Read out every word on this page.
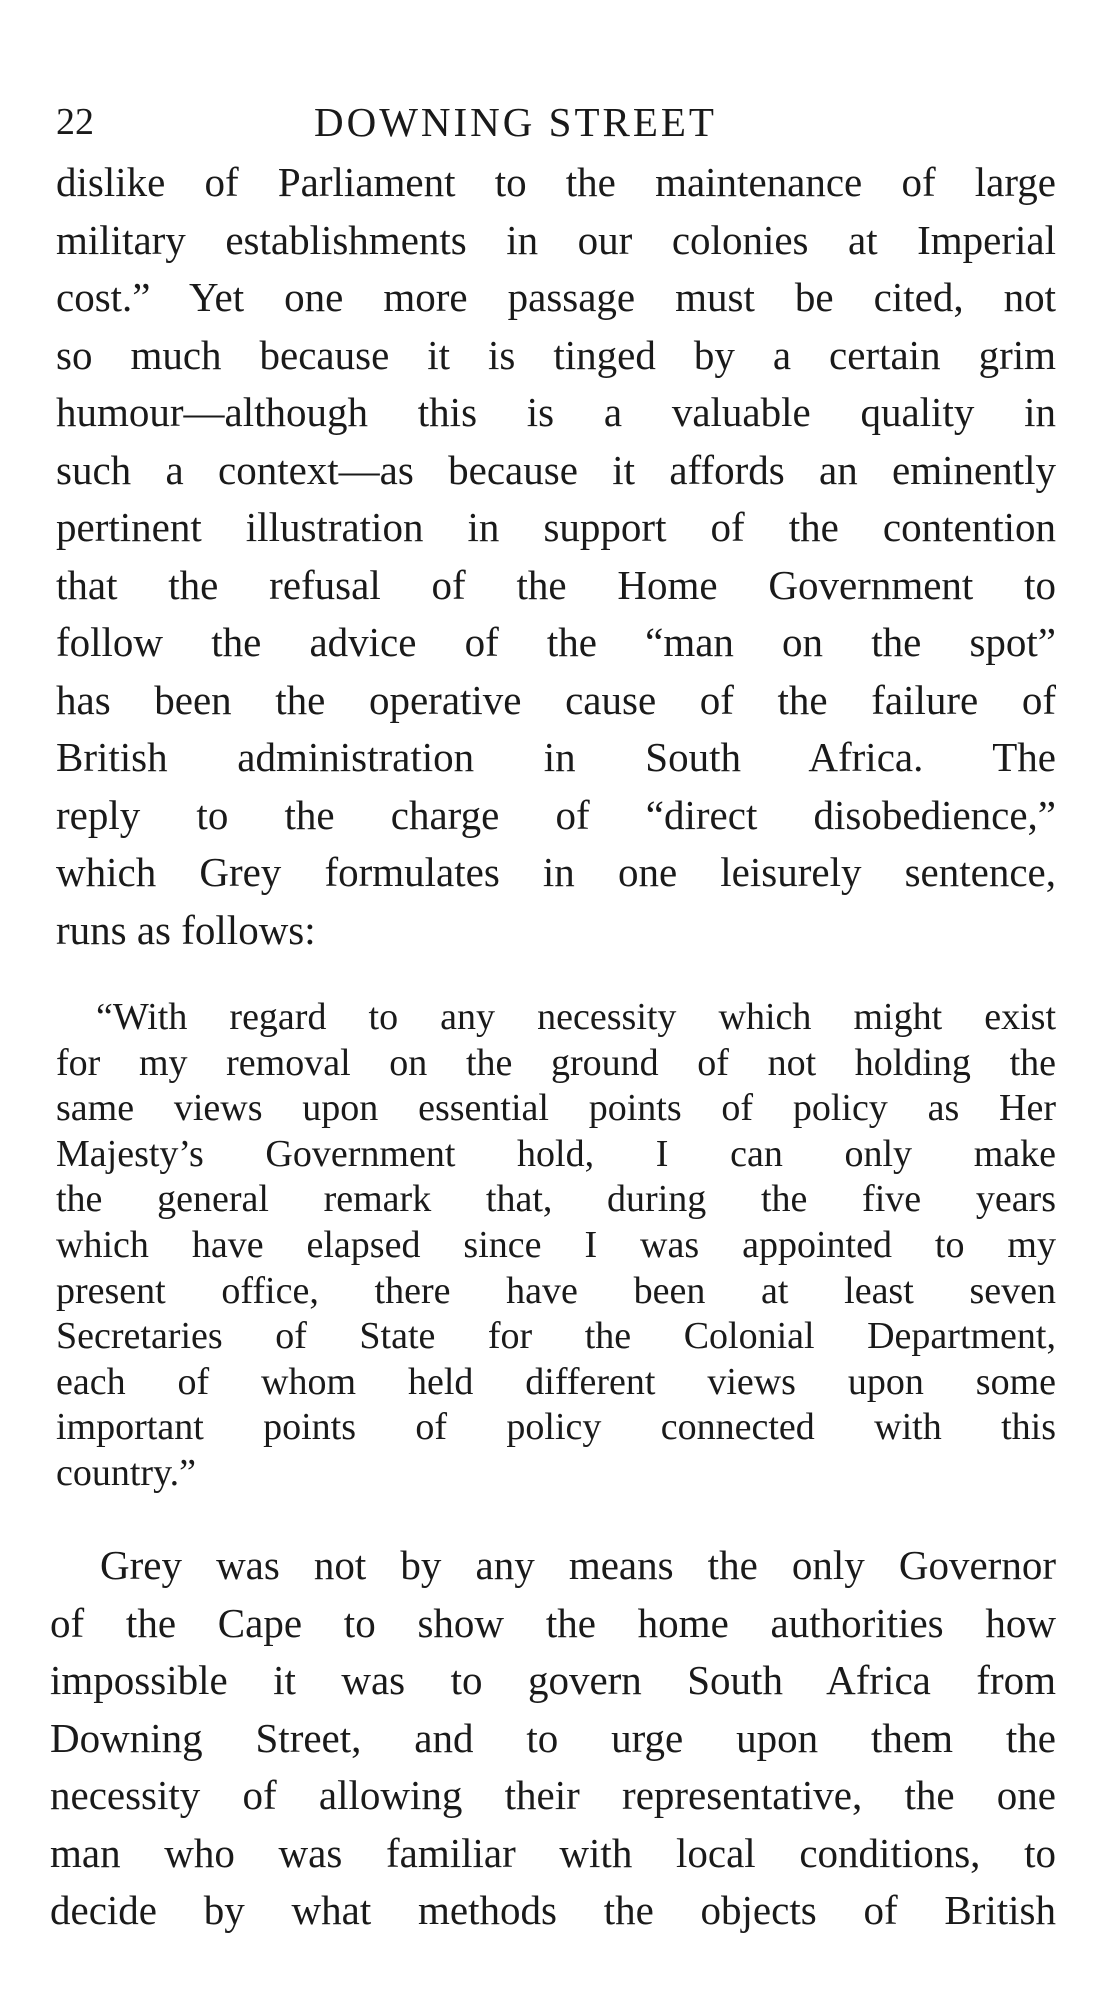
22	DOWNING STREET
dislike of Parliament to the maintenance of large
military establishments in our colonies at Imperial
cost.” Yet one more passage must be cited, not
so much because it is tinged by a certain grim
humour—although this is a valuable quality in
such a context—as because it affords an eminently
pertinent illustration in support of the contention
that the refusal of the Home Government to
follow the advice of the “man on the spot”
has been the operative cause of the failure of
British administration in South Africa. The
reply to the charge of “direct disobedience,”
which Grey formulates in one leisurely sentence,
runs as follows:
“With regard to any necessity which might exist
for my removal on the ground of not holding the
same views upon essential points of policy as Her
Majesty’s Government hold, I can only make
the general remark that, during the five years
which have elapsed since I was appointed to my
present office, there have been at least seven
Secretaries of State for the Colonial Department,
each of whom held different views upon some
important points of policy connected with this
country.”
Grey was not by any means the only Governor
of the Cape to show the home authorities how
impossible it was to govern South Africa from
Downing Street, and to urge upon them the
necessity of allowing their representative, the one
man who was familiar with local conditions, to
decide by what methods the objects of British
